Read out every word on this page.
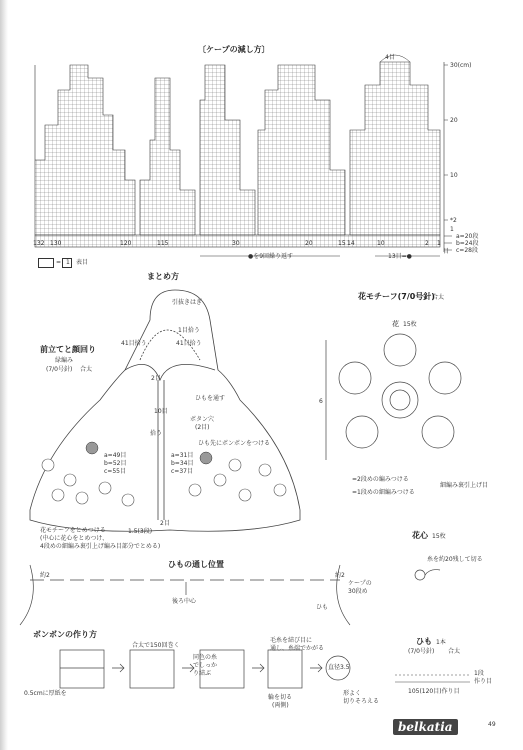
〔ケープの減し方〕
4目
30(cm)
20
10
*2
1
a=20段
b=24段
c=28段
132 130	120	115	30	20	15 14	10	2 1
目
●を9回繰り返す	13目=●
= 1 表目
まとめ方
引抜きはぎ
1目拾う
41目拾う	41目拾う
前立てと顔回り
緑編み
(7/0号針) 合太
2目
ひもを通す
ボタン穴
(2目)
10目
拾う
ひも先にボンボンをつける
a=49目
b=52目
c=55目
a=31目
b=34目
c=37目
1.5(3段)
2目
花モチーフをとめつける
(中心に花心をとめつけ、
4段めの細編み裏引上げ編み目部分でとめる)
花モチーフ(7/0号針)
合太
花 15枚
6
=2段めの編みつける
=1段めの細編みつける
細編み裏引上げ目
花心 15枚
糸を約20残して切る
ひもの通し位置
約2	約2
ケープの
30段め
後ろ中心
ひも
ボンボンの作り方
合太で150回巻く
0.5cmに厚紙を
同色の糸
でしっか
り結ぶ
毛糸を結び目に
通し、糸端でかがる
直径3.5
輪を切る
(両側)
形よく
切りそろえる
ひも 1本
(7/0号針) 合太
1段
作り目
105(120目)作り目
belkatia	49
